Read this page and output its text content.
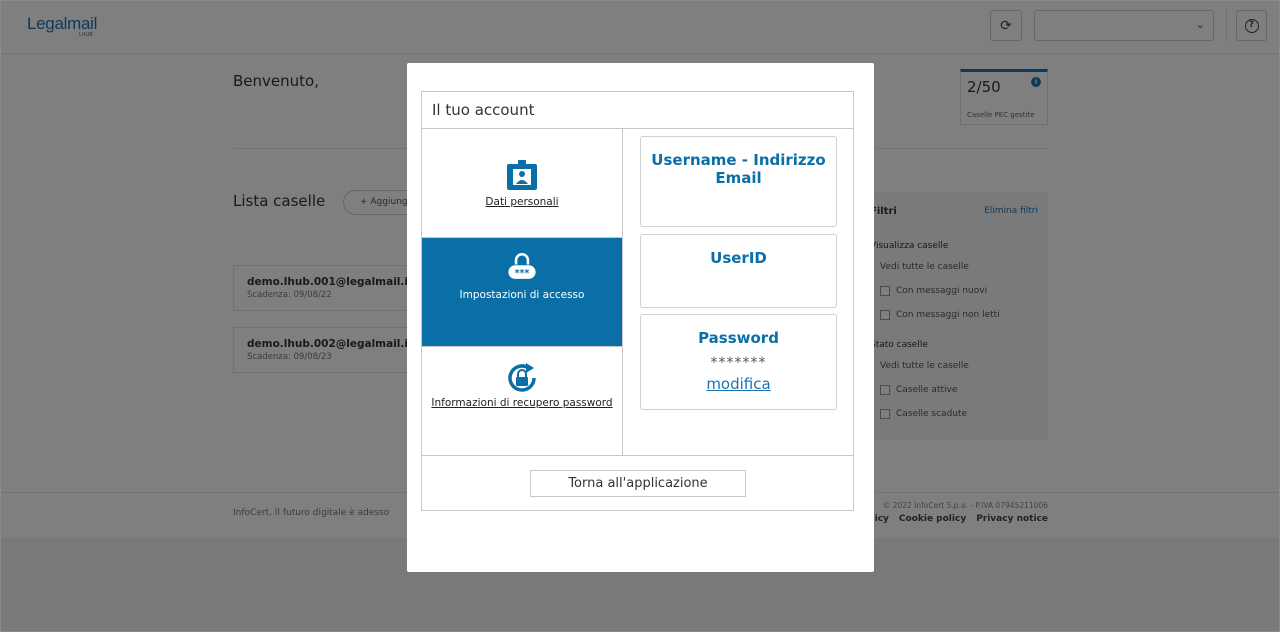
Il tuo account
Dati personali
***
Impostazioni di accesso
Informazioni di recupero password
Username - Indirizzo Email
UserID
Password
*******
modifica
Torna all'applicazione
